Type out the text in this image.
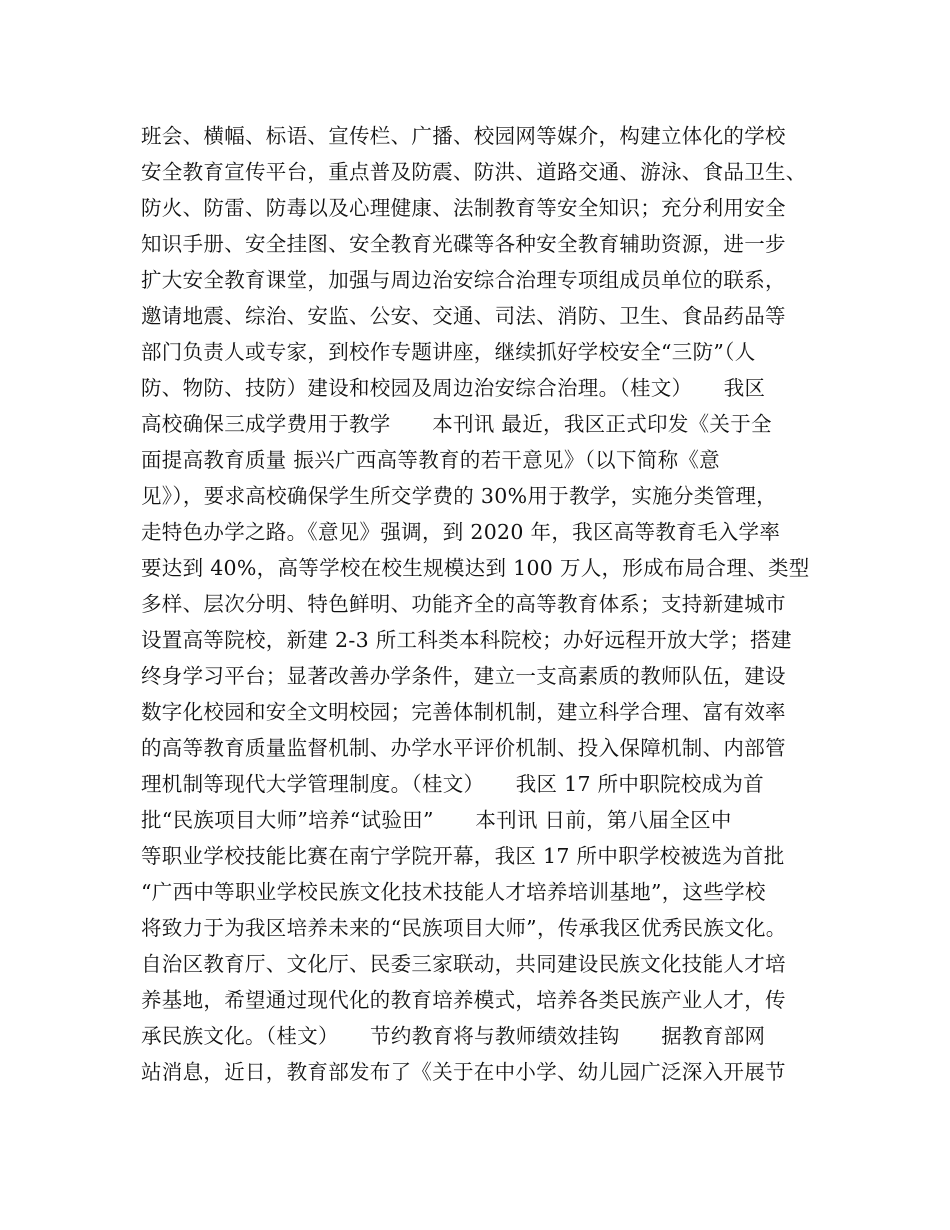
班会、横幅、标语、宣传栏、广播、校园网等媒介，构建立体化的学校
安全教育宣传平台，重点普及防震、防洪、道路交通、游泳、食品卫生、
防火、防雷、防毒以及心理健康、法制教育等安全知识；充分利用安全
知识手册、安全挂图、安全教育光碟等各种安全教育辅助资源，进一步
扩大安全教育课堂，加强与周边治安综合治理专项组成员单位的联系，
邀请地震、综治、安监、公安、交通、司法、消防、卫生、食品药品等
部门负责人或专家，到校作专题讲座，继续抓好学校安全“三防”（人
防、物防、技防）建设和校园及周边治安综合治理。（桂文）　　我区
高校确保三成学费用于教学　　本刊讯 最近，我区正式印发《关于全
面提高教育质量 振兴广西高等教育的若干意见》（以下简称《意
见》），要求高校确保学生所交学费的 30%用于教学，实施分类管理，
走特色办学之路。《意见》强调，到 2020 年，我区高等教育毛入学率
要达到 40%，高等学校在校生规模达到 100 万人，形成布局合理、类型
多样、层次分明、特色鲜明、功能齐全的高等教育体系；支持新建城市
设置高等院校，新建 2-3 所工科类本科院校；办好远程开放大学；搭建
终身学习平台；显著改善办学条件，建立一支高素质的教师队伍，建设
数字化校园和安全文明校园；完善体制机制，建立科学合理、富有效率
的高等教育质量监督机制、办学水平评价机制、投入保障机制、内部管
理机制等现代大学管理制度。（桂文）　　我区 17 所中职院校成为首
批“民族项目大师”培养“试验田”　　本刊讯 日前，第八届全区中
等职业学校技能比赛在南宁学院开幕，我区 17 所中职学校被选为首批
“广西中等职业学校民族文化技术技能人才培养培训基地”，这些学校
将致力于为我区培养未来的“民族项目大师”，传承我区优秀民族文化。
自治区教育厅、文化厅、民委三家联动，共同建设民族文化技能人才培
养基地，希望通过现代化的教育培养模式，培养各类民族产业人才，传
承民族文化。（桂文）　　节约教育将与教师绩效挂钩　　据教育部网
站消息，近日，教育部发布了《关于在中小学、幼儿园广泛深入开展节
